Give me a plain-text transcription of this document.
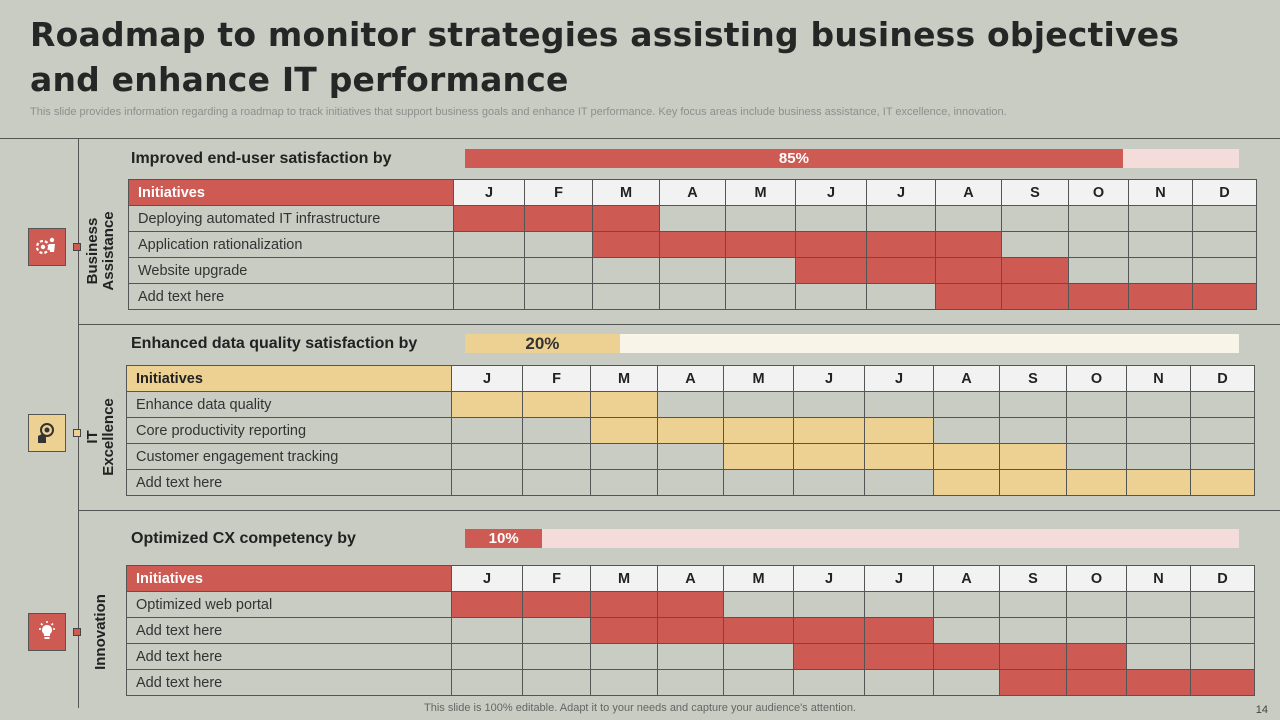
Roadmap to monitor strategies assisting business objectives and enhance IT performance
This slide provides information regarding a roadmap to track initiatives that support business goals and enhance IT performance. Key focus areas include business assistance, IT excellence, innovation.
Business Assistance
Improved end-user satisfaction by	85%
Initiatives	J	F	M	A	M	J	J	A	S	O	N	D
Deploying automated IT infrastructure												
Application rationalization												
Website upgrade												
Add text here												
IT Excellence
Enhanced data quality satisfaction by	20%
Initiatives	J	F	M	A	M	J	J	A	S	O	N	D
Enhance data quality												
Core productivity reporting												
Customer engagement tracking												
Add text here												
Innovation
Optimized CX competency by	10%
Initiatives	J	F	M	A	M	J	J	A	S	O	N	D
Optimized web portal												
Add text here												
Add text here												
Add text here												
This slide is 100% editable. Adapt it to your needs and capture your audience's attention.	14
